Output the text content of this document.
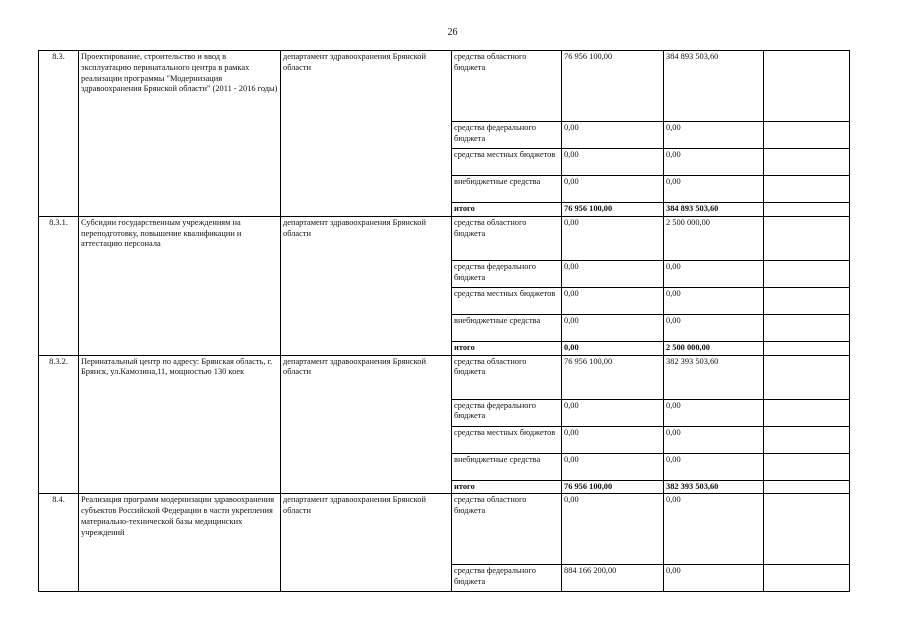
26
8.3.	Проектирование, строительство и ввод в эксплуатацию перинатального центра в рамках реализации программы "Модернизация здравоохранения Брянской области" (2011 - 2016 годы)	департамент здравоохранения Брянской области	средства областного бюджета	76 956 100,00	384 893 503,60	
			средства федерального бюджета	0,00	0,00	
			средства местных бюджетов	0,00	0,00	
			внебюджетные средства	0,00	0,00	
			итого	76 956 100,00	384 893 503,60	
8.3.1.	Субсидии государственным учреждениям на переподготовку, повышение квалификации и аттестацию персонала	департамент здравоохранения Брянской области	средства областного бюджета	0,00	2 500 000,00	
			средства федерального бюджета	0,00	0,00	
			средства местных бюджетов	0,00	0,00	
			внебюджетные средства	0,00	0,00	
			итого	0,00	2 500 000,00	
8.3.2.	Перинатальный центр по адресу: Брянская область, г. Брянск, ул.Камозина,11, мощностью 130 коек	департамент здравоохранения Брянской области	средства областного бюджета	76 956 100,00	382 393 503,60	
			средства федерального бюджета	0,00	0,00	
			средства местных бюджетов	0,00	0,00	
			внебюджетные средства	0,00	0,00	
			итого	76 956 100,00	382 393 503,60	
8.4.	Реализация программ модернизации здравоохранения субъектов Российской Федерации в части укрепления материально-технической базы медицинских учреждений	департамент здравоохранения Брянской области	средства областного бюджета	0,00	0,00	
			средства федерального бюджета	884 166 200,00	0,00	
